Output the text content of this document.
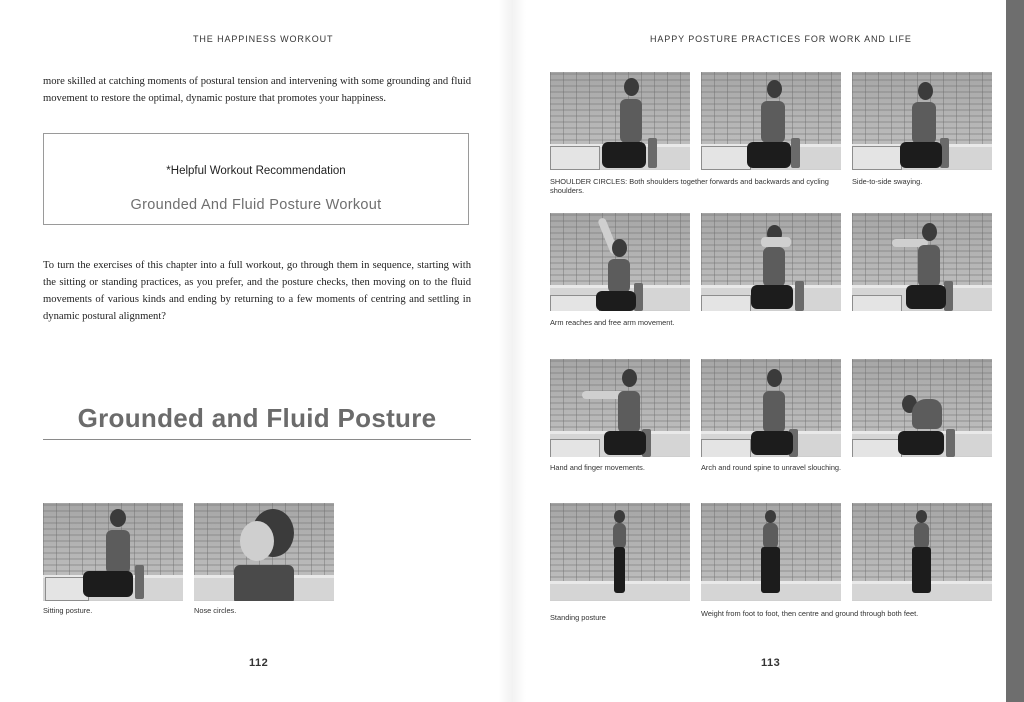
THE HAPPINESS WORKOUT

more skilled at catching moments of postural tension and intervening with some grounding and fluid movement to restore the optimal, dynamic posture that promotes your happiness.

*Helpful Workout Recommendation
Grounded And Fluid Posture Workout

To turn the exercises of this chapter into a full workout, go through them in sequence, starting with the sitting or standing practices, as you prefer, and the posture checks, then moving on to the fluid movements of various kinds and ending by returning to a few moments of centring and settling in dynamic postural alignment?

Grounded and Fluid Posture
Sitting posture.	Nose circles.
112
HAPPY POSTURE PRACTICES FOR WORK AND LIFE
SHOULDER CIRCLES: Both shoulders together forwards and backwards and cycling shoulders.
Side-to-side swaying.
Arm reaches and free arm movement.
Hand and finger movements.	Arch and round spine to unravel slouching.
Standing posture	Weight from foot to foot, then centre and ground through both feet.
113
